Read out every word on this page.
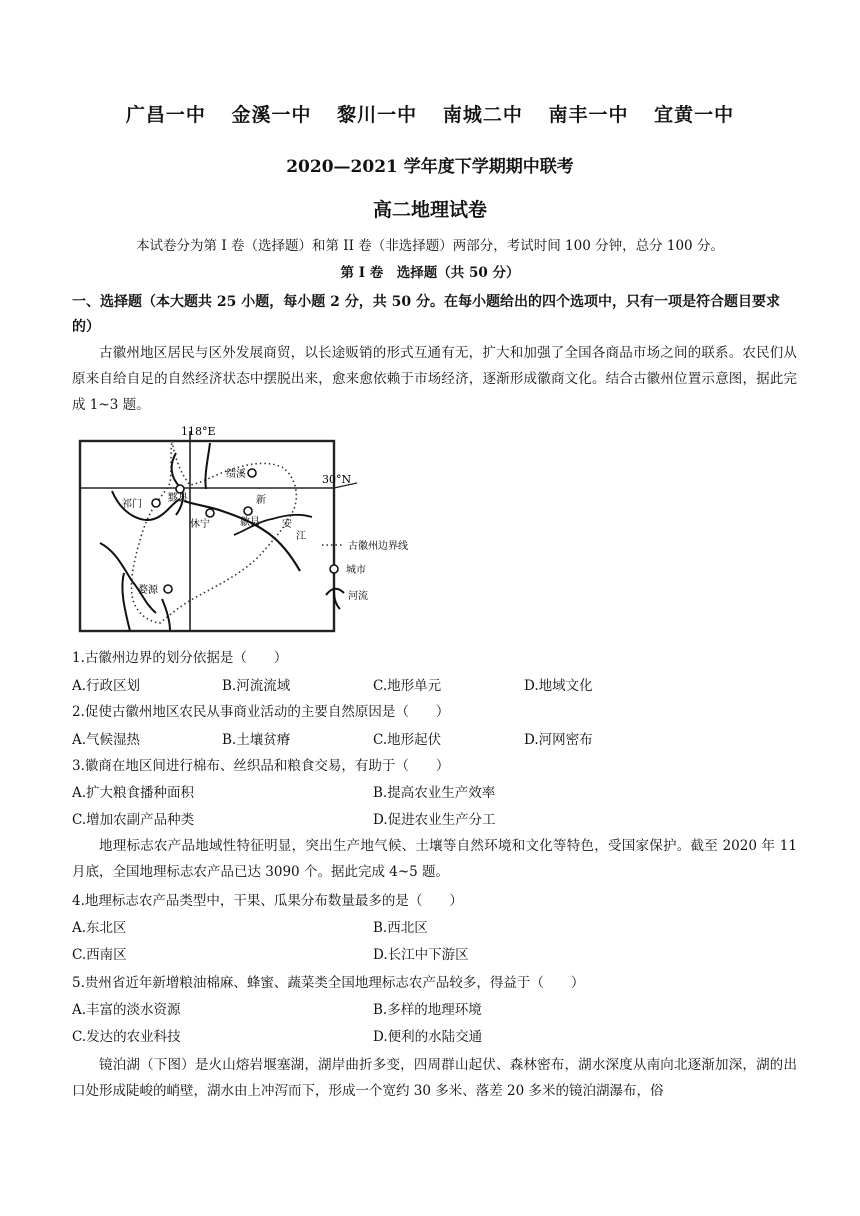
广昌一中 金溪一中 黎川一中 南城二中 南丰一中 宜黄一中
2020—2021 学年度下学期期中联考
高二地理试卷
本试卷分为第 I 卷（选择题）和第 II 卷（非选择题）两部分，考试时间 100 分钟，总分 100 分。
第 I 卷　选择题（共 50 分）
一、选择题（本大题共 25 小题，每小题 2 分，共 50 分。在每小题给出的四个选项中，只有一项是符合题目要求的）
古徽州地区居民与区外发展商贸，以长途贩销的形式互通有无，扩大和加强了全国各商品市场之间的联系。农民们从原来自给自足的自然经济状态中摆脱出来，愈来愈依赖于市场经济，逐渐形成徽商文化。结合古徽州位置示意图，据此完成 1~3 题。
118°E
30°N
绩溪
黟县
祁门
休宁	歙县
婺源
新
安
江
古徽州边界线
城市
河流
1.古徽州边界的划分依据是（　　）
A.行政区划	B.河流流域	C.地形单元	D.地域文化
2.促使古徽州地区农民从事商业活动的主要自然原因是（　　）
A.气候湿热	B.土壤贫瘠	C.地形起伏	D.河网密布
3.徽商在地区间进行棉布、丝织品和粮食交易，有助于（　　）
A.扩大粮食播种面积	B.提高农业生产效率
C.增加农副产品种类	D.促进农业生产分工
地理标志农产品地域性特征明显，突出生产地气候、土壤等自然环境和文化等特色，受国家保护。截至 2020 年 11 月底，全国地理标志农产品已达 3090 个。据此完成 4~5 题。
4.地理标志农产品类型中，干果、瓜果分布数量最多的是（　　）
A.东北区	B.西北区
C.西南区	D.长江中下游区
5.贵州省近年新增粮油棉麻、蜂蜜、蔬菜类全国地理标志农产品较多，得益于（　　）
A.丰富的淡水资源	B.多样的地理环境
C.发达的农业科技	D.便利的水陆交通
镜泊湖（下图）是火山熔岩堰塞湖，湖岸曲折多变，四周群山起伏、森林密布，湖水深度从南向北逐渐加深，湖的出口处形成陡峻的峭壁，湖水由上冲泻而下，形成一个宽约 30 多米、落差 20 多米的镜泊湖瀑布，俗
